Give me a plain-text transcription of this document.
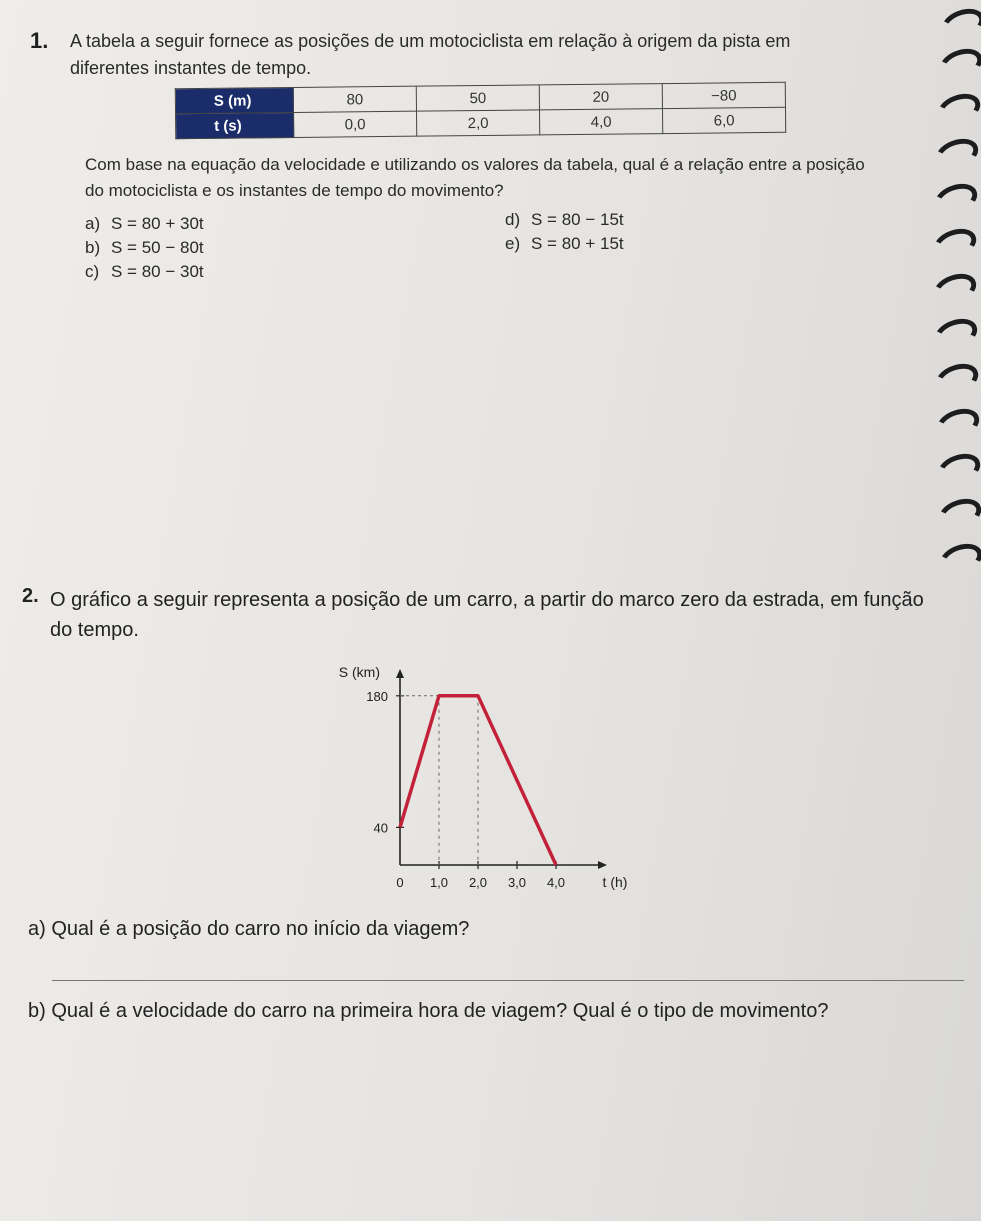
1. A tabela a seguir fornece as posições de um motociclista em relação à origem da pista em diferentes instantes de tempo.
S (m)	80	50	20	−80
t (s)	0,0	2,0	4,0	6,0
Com base na equação da velocidade e utilizando os valores da tabela, qual é a relação entre a posição do motociclista e os instantes de tempo do movimento?
a) S = 80 + 30t
b) S = 50 − 80t
c) S = 80 − 30t
d) S = 80 − 15t
e) S = 80 + 15t
2. O gráfico a seguir representa a posição de um carro, a partir do marco zero da estrada, em função do tempo.
S (km)
t (h)
0 1,0 2,0 3,0 4,0
40
180
a) Qual é a posição do carro no início da viagem?
b) Qual é a velocidade do carro na primeira hora de viagem? Qual é o tipo de movimento?
